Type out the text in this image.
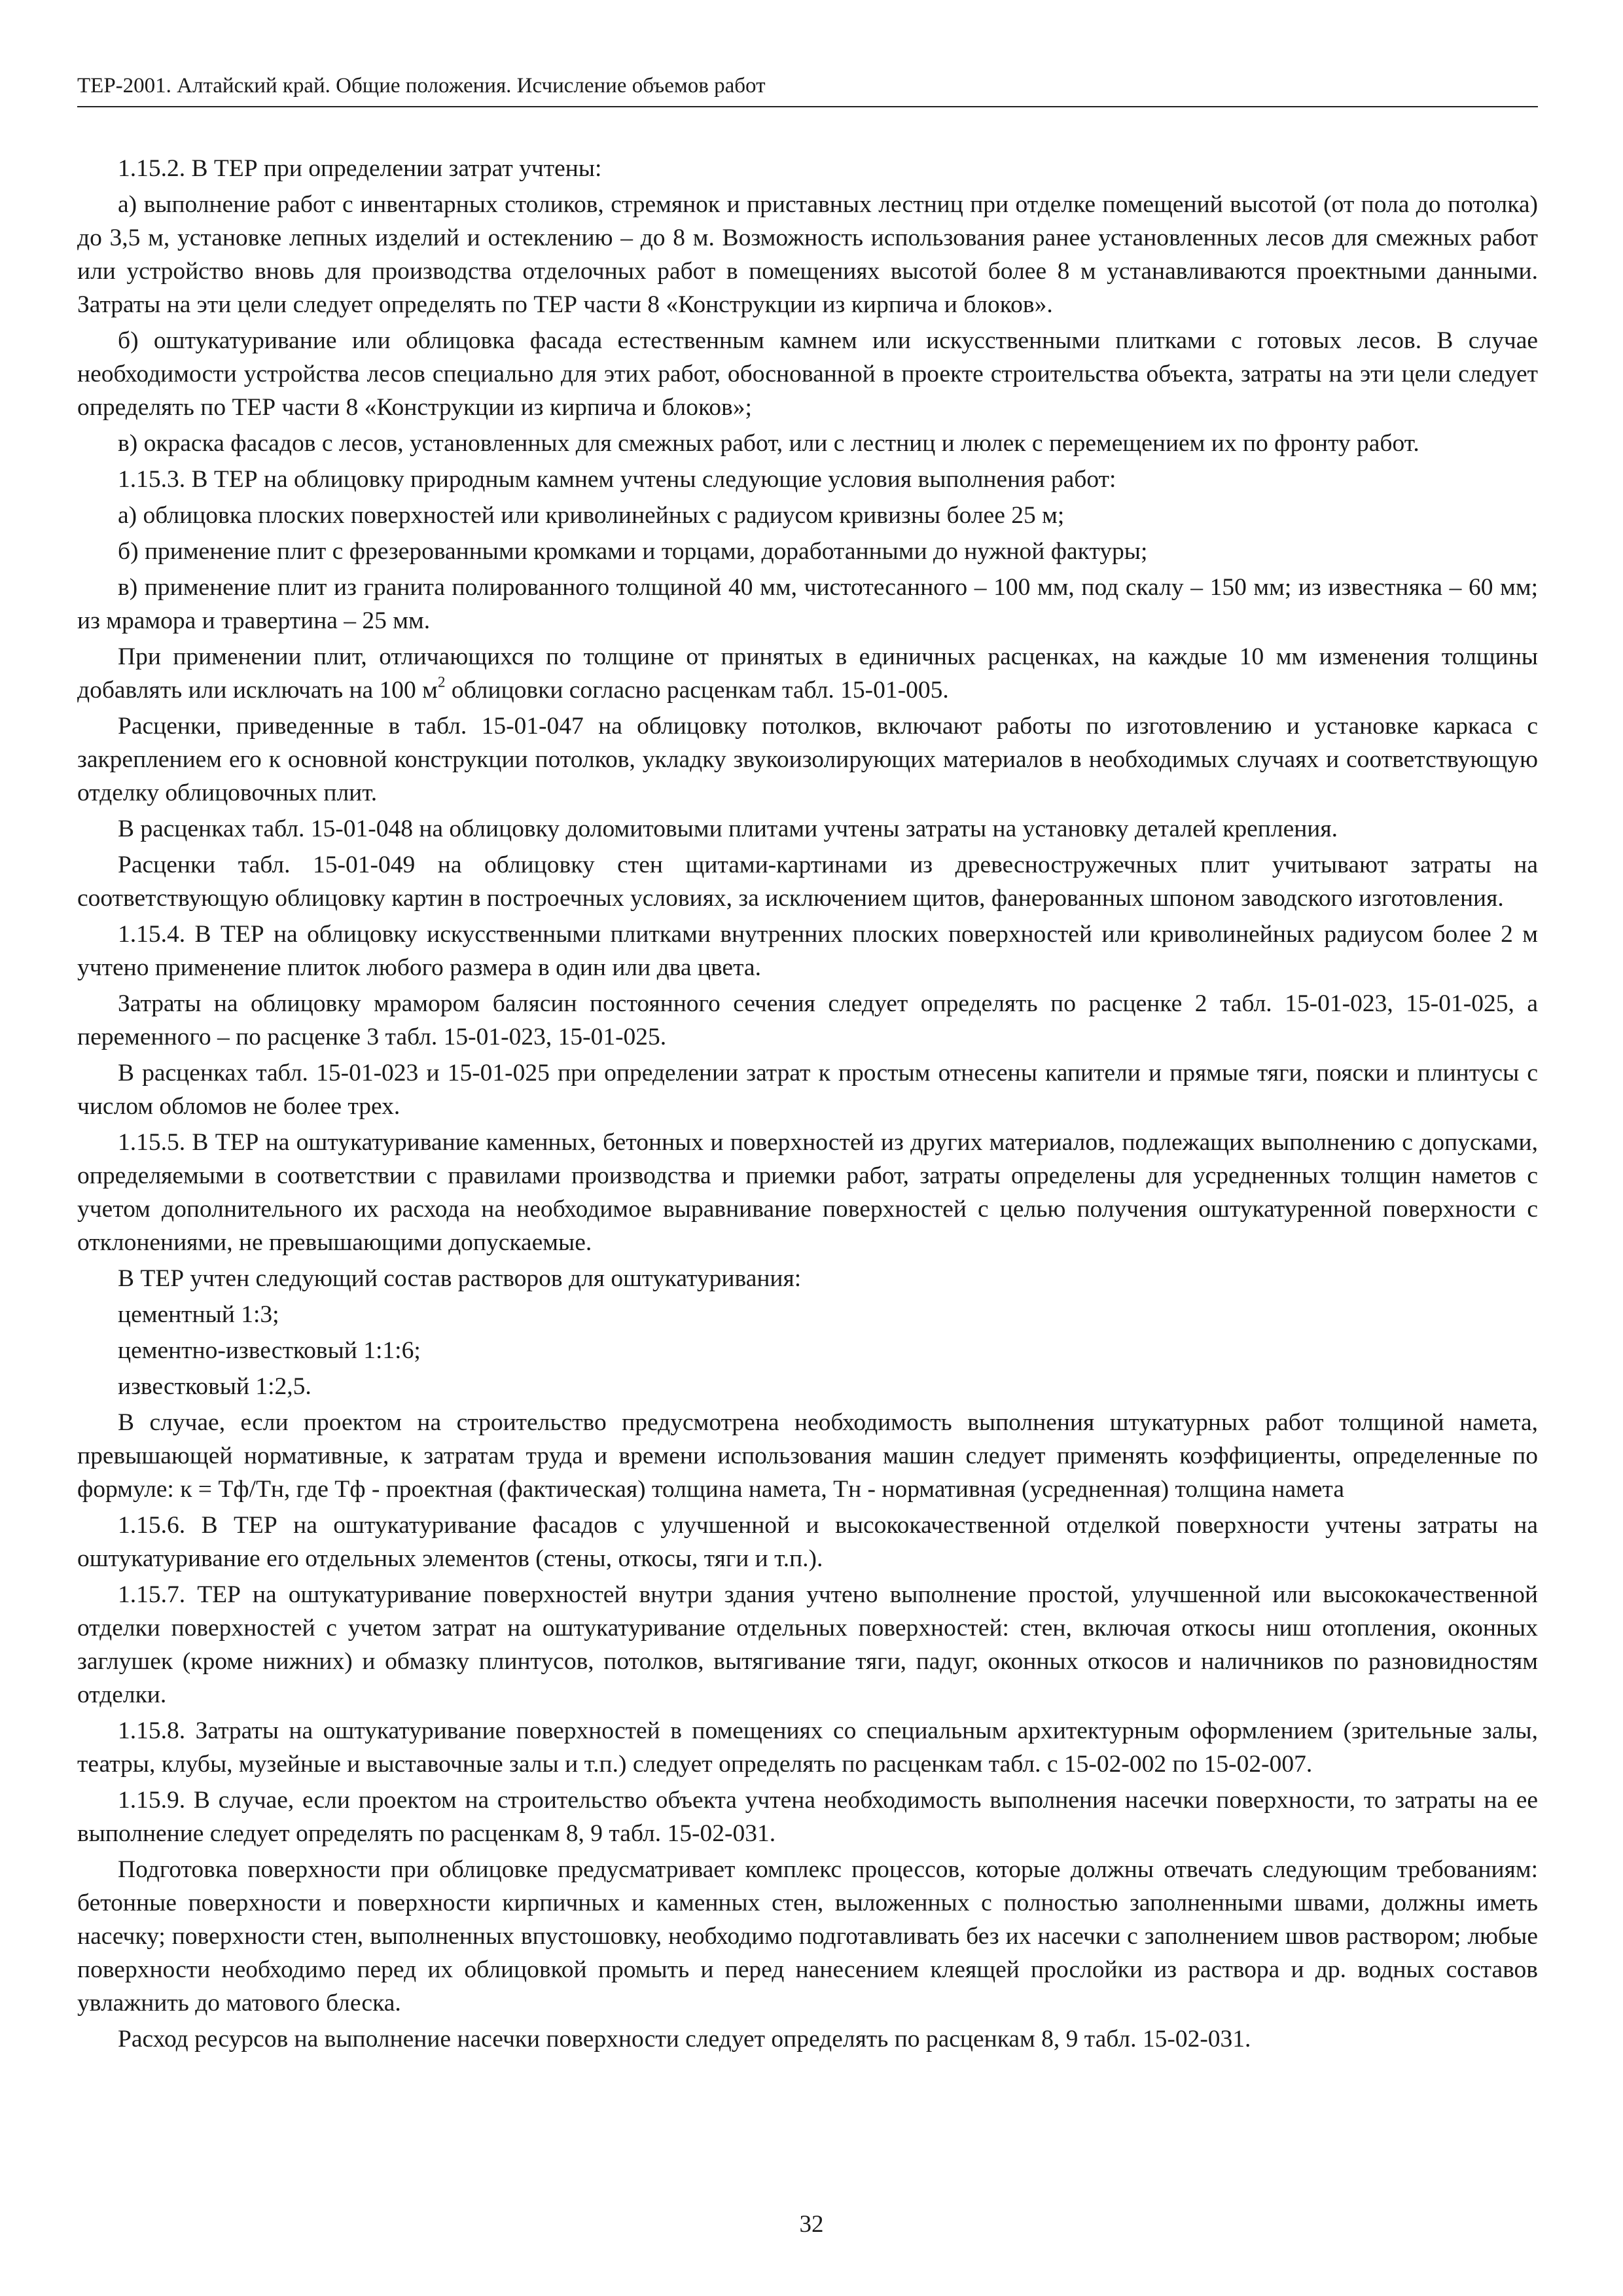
ТЕР-2001. Алтайский край. Общие положения. Исчисление объемов работ

1.15.2. В ТЕР при определении затрат учтены:

а) выполнение работ с инвентарных столиков, стремянок и приставных лестниц при отделке помещений высотой (от пола до потолка) до 3,5 м, установке лепных изделий и остеклению – до 8 м. Возможность использования ранее установленных лесов для смежных работ или устройство вновь для производства отделочных работ в помещениях высотой более 8 м устанавливаются проектными данными. Затраты на эти цели следует определять по ТЕР части 8 «Конструкции из кирпича и блоков».

б) оштукатуривание или облицовка фасада естественным камнем или искусственными плитками с готовых лесов. В случае необходимости устройства лесов специально для этих работ, обоснованной в проекте строительства объекта, затраты на эти цели следует определять по ТЕР части 8 «Конструкции из кирпича и блоков»;

в) окраска фасадов с лесов, установленных для смежных работ, или с лестниц и люлек с перемещением их по фронту работ.

1.15.3. В ТЕР на облицовку природным камнем учтены следующие условия выполнения работ:

а) облицовка плоских поверхностей или криволинейных с радиусом кривизны более 25 м;

б) применение плит с фрезерованными кромками и торцами, доработанными до нужной фактуры;

в) применение плит из гранита полированного толщиной 40 мм, чистотесанного – 100 мм, под скалу – 150 мм; из известняка – 60 мм; из мрамора и травертина – 25 мм.

При применении плит, отличающихся по толщине от принятых в единичных расценках, на каждые 10 мм изменения толщины добавлять или исключать на 100 $м^2$ облицовки согласно расценкам табл. 15-01-005.

Расценки, приведенные в табл. 15-01-047 на облицовку потолков, включают работы по изготовлению и установке каркаса с закреплением его к основной конструкции потолков, укладку звукоизолирующих материалов в необходимых случаях и соответствующую отделку облицовочных плит.

В расценках табл. 15-01-048 на облицовку доломитовыми плитами учтены затраты на установку деталей крепления.

Расценки табл. 15-01-049 на облицовку стен щитами-картинами из древесностружечных плит учитывают затраты на соответствующую облицовку картин в построечных условиях, за исключением щитов, фанерованных шпоном заводского изготовления.

1.15.4. В ТЕР на облицовку искусственными плитками внутренних плоских поверхностей или криволинейных радиусом более 2 м учтено применение плиток любого размера в один или два цвета.

Затраты на облицовку мрамором балясин постоянного сечения следует определять по расценке 2 табл. 15-01-023, 15-01-025, а переменного – по расценке 3 табл. 15-01-023, 15-01-025.

В расценках табл. 15-01-023 и 15-01-025 при определении затрат к простым отнесены капители и прямые тяги, пояски и плинтусы с числом обломов не более трех.

1.15.5. В ТЕР на оштукатуривание каменных, бетонных и поверхностей из других материалов, подлежащих выполнению с допусками, определяемыми в соответствии с правилами производства и приемки работ, затраты определены для усредненных толщин наметов с учетом дополнительного их расхода на необходимое выравнивание поверхностей с целью получения оштукатуренной поверхности с отклонениями, не превышающими допускаемые.

В ТЕР учтен следующий состав растворов для оштукатуривания:

цементный 1:3;

цементно-известковый 1:1:6;

известковый 1:2,5.

В случае, если проектом на строительство предусмотрена необходимость выполнения штукатурных работ толщиной намета, превышающей нормативные, к затратам труда и времени использования машин следует применять коэффициенты, определенные по формуле: к = Тф/Тн, где Тф - проектная (фактическая) толщина намета, Тн - нормативная (усредненная) толщина намета

1.15.6. В ТЕР на оштукатуривание фасадов с улучшенной и высококачественной отделкой поверхности учтены затраты на оштукатуривание его отдельных элементов (стены, откосы, тяги и т.п.).

1.15.7. ТЕР на оштукатуривание поверхностей внутри здания учтено выполнение простой, улучшенной или высококачественной отделки поверхностей с учетом затрат на оштукатуривание отдельных поверхностей: стен, включая откосы ниш отопления, оконных заглушек (кроме нижних) и обмазку плинтусов, потолков, вытягивание тяги, падуг, оконных откосов и наличников по разновидностям отделки.

1.15.8. Затраты на оштукатуривание поверхностей в помещениях со специальным архитектурным оформлением (зрительные залы, театры, клубы, музейные и выставочные залы и т.п.) следует определять по расценкам табл. с 15-02-002 по 15-02-007.

1.15.9. В случае, если проектом на строительство объекта учтена необходимость выполнения насечки поверхности, то затраты на ее выполнение следует определять по расценкам 8, 9 табл. 15-02-031.

Подготовка поверхности при облицовке предусматривает комплекс процессов, которые должны отвечать следующим требованиям: бетонные поверхности и поверхности кирпичных и каменных стен, выложенных с полностью заполненными швами, должны иметь насечку; поверхности стен, выполненных впустошовку, необходимо подготавливать без их насечки с заполнением швов раствором; любые поверхности необходимо перед их облицовкой промыть и перед нанесением клеящей прослойки из раствора и др. водных составов увлажнить до матового блеска.

Расход ресурсов на выполнение насечки поверхности следует определять по расценкам 8, 9 табл. 15-02-031.

32
